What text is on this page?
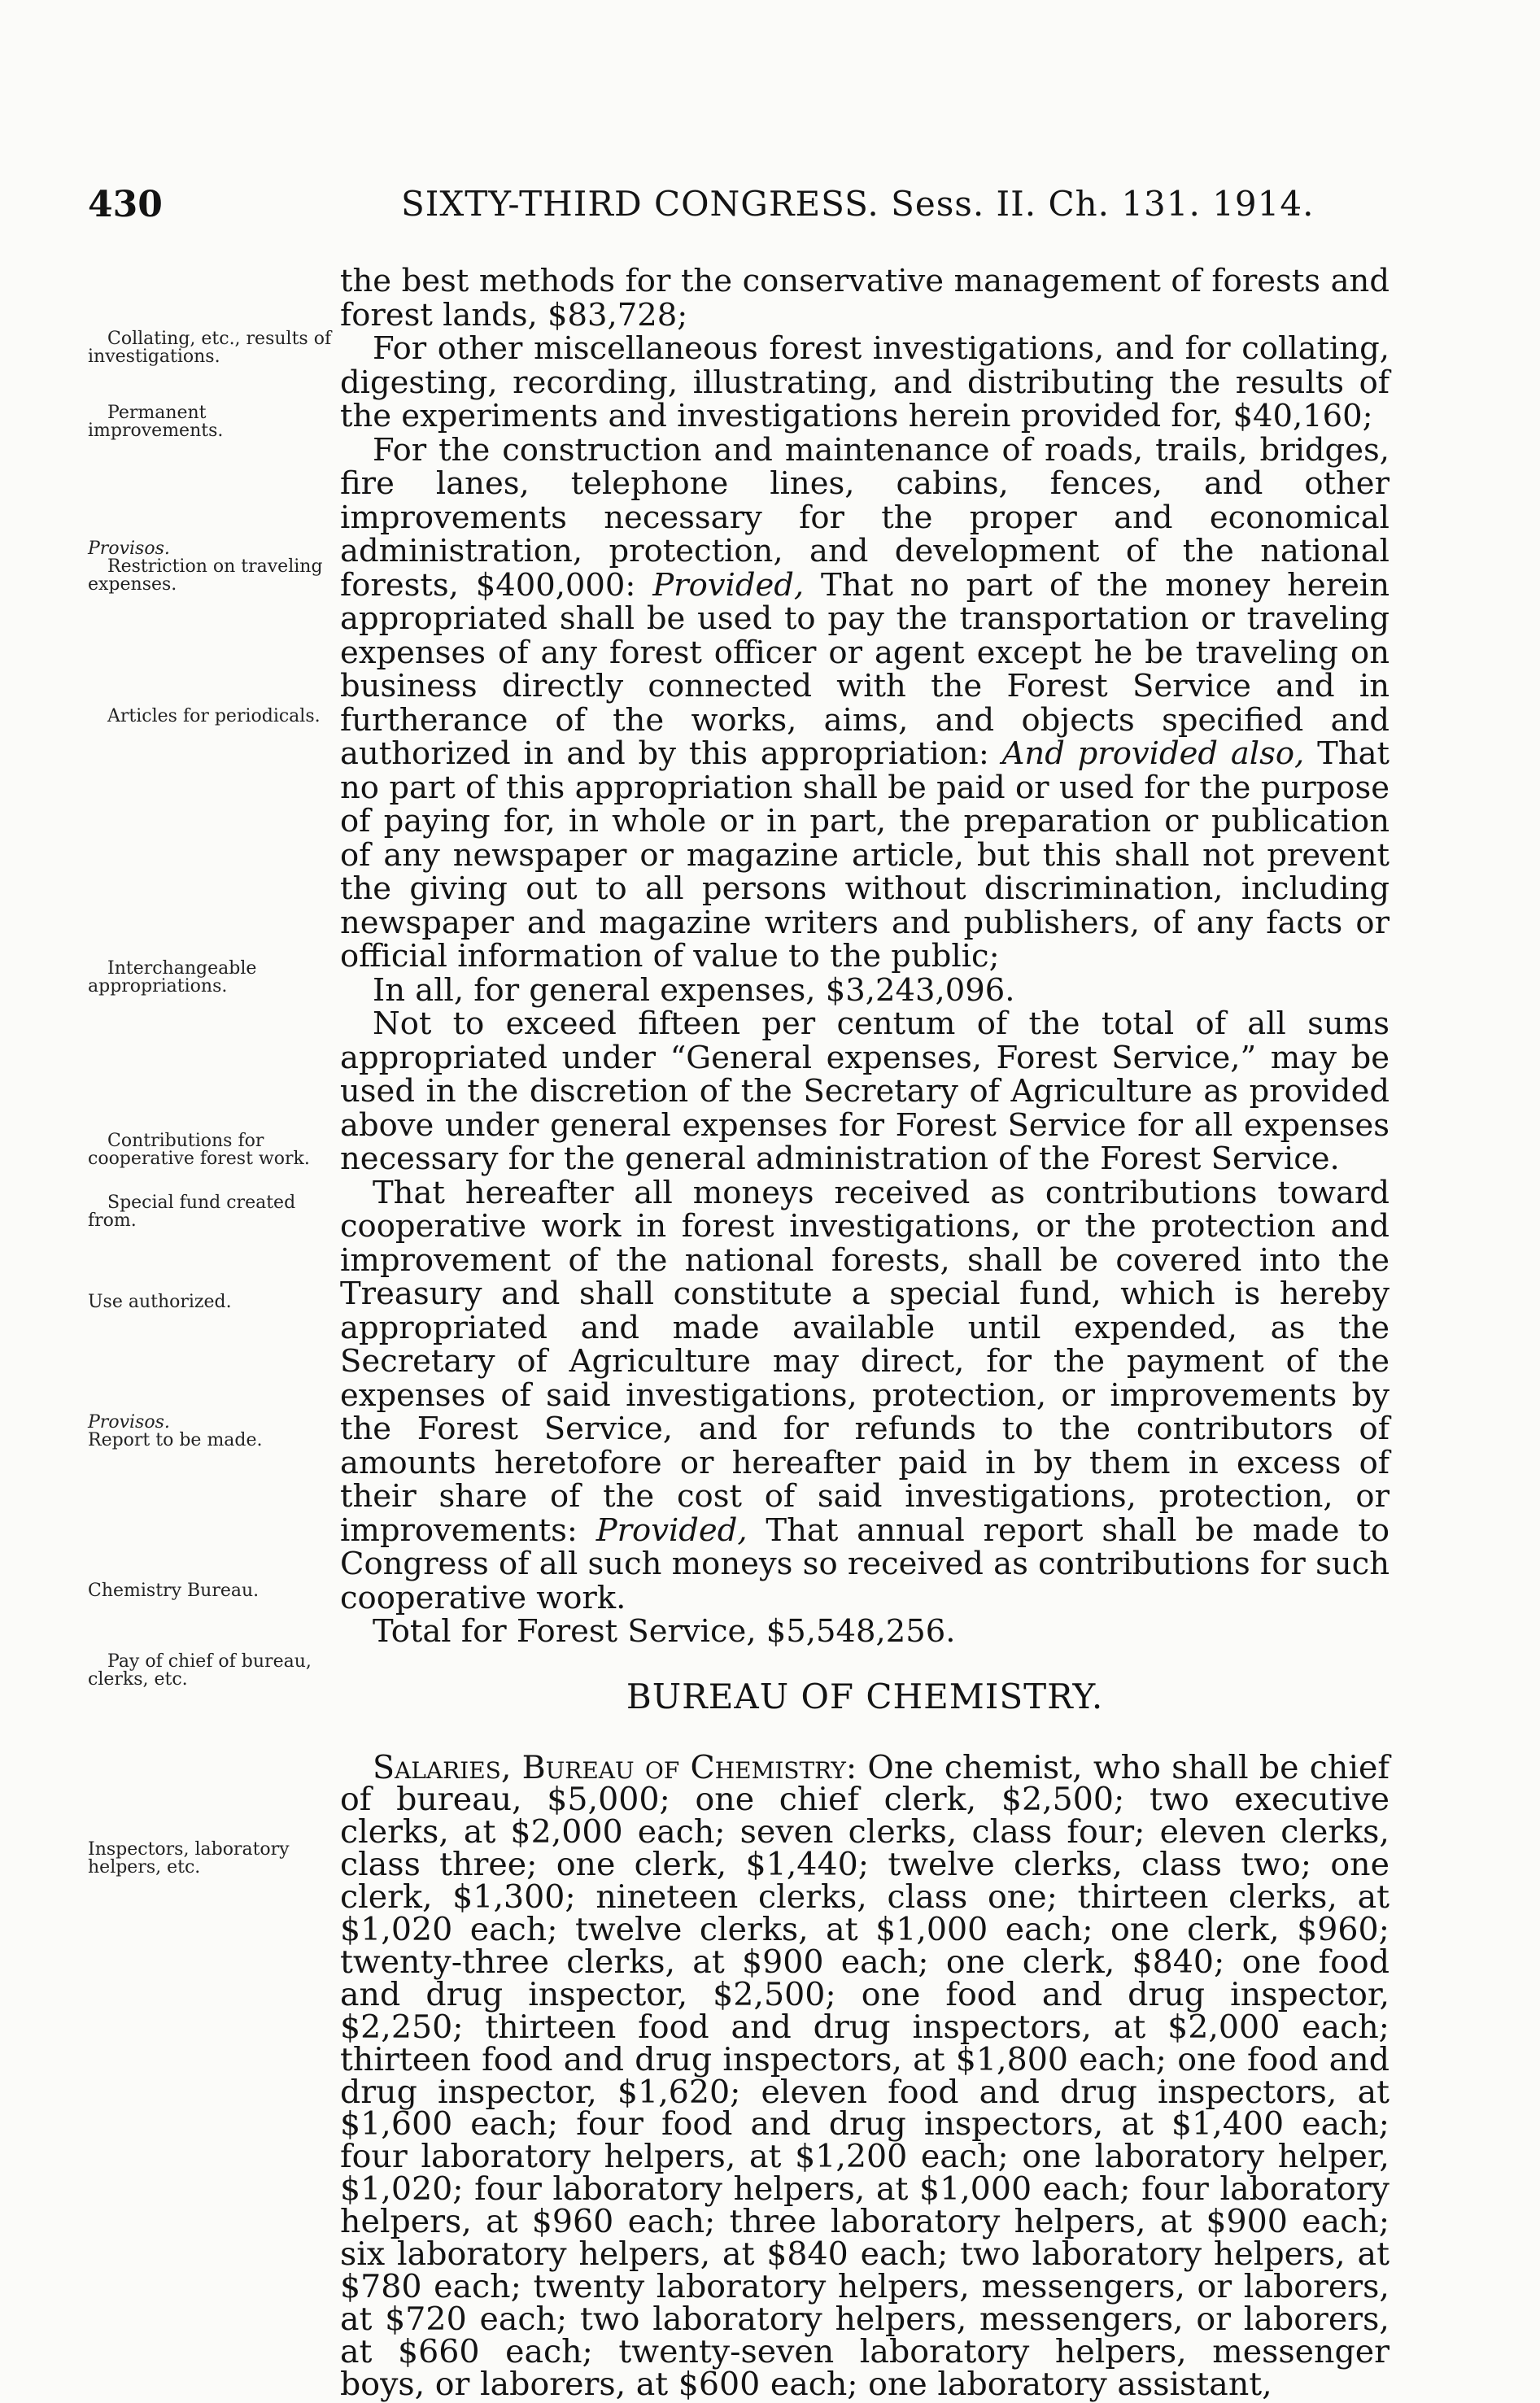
430	SIXTY-THIRD CONGRESS. Sess. II. Ch. 131. 1914.
Collating, etc., results of investigations.
Permanent improvements.
Provisos.
Restriction on traveling expenses.
Articles for periodicals.
Interchangeable appropriations.
Contributions for cooperative forest work.
Special fund created from.
Use authorized.
Provisos.
Report to be made.
Chemistry Bureau.
Pay of chief of bureau, clerks, etc.
Inspectors, laboratory helpers, etc.

the best methods for the conservative management of forests and forest lands, $83,728;

For other miscellaneous forest investigations, and for collating, digesting, recording, illustrating, and distributing the results of the experiments and investigations herein provided for, $40,160;

For the construction and maintenance of roads, trails, bridges, fire lanes, telephone lines, cabins, fences, and other improvements necessary for the proper and economical administration, protection, and development of the national forests, $400,000: Provided, That no part of the money herein appropriated shall be used to pay the transportation or traveling expenses of any forest officer or agent except he be traveling on business directly connected with the Forest Service and in furtherance of the works, aims, and objects specified and authorized in and by this appropriation: And provided also, That no part of this appropriation shall be paid or used for the purpose of paying for, in whole or in part, the preparation or publication of any newspaper or magazine article, but this shall not prevent the giving out to all persons without discrimination, including newspaper and magazine writers and publishers, of any facts or official information of value to the public;

In all, for general expenses, $3,243,096.

Not to exceed fifteen per centum of the total of all sums appropriated under “General expenses, Forest Service,” may be used in the discretion of the Secretary of Agriculture as provided above under general expenses for Forest Service for all expenses necessary for the general administration of the Forest Service.

That hereafter all moneys received as contributions toward cooperative work in forest investigations, or the protection and improvement of the national forests, shall be covered into the Treasury and shall constitute a special fund, which is hereby appropriated and made available until expended, as the Secretary of Agriculture may direct, for the payment of the expenses of said investigations, protection, or improvements by the Forest Service, and for refunds to the contributors of amounts heretofore or hereafter paid in by them in excess of their share of the cost of said investigations, protection, or improvements: Provided, That annual report shall be made to Congress of all such moneys so received as contributions for such cooperative work.

Total for Forest Service, $5,548,256.

BUREAU OF CHEMISTRY.

Salaries, Bureau of Chemistry: One chemist, who shall be chief of bureau, $5,000; one chief clerk, $2,500; two executive clerks, at $2,000 each; seven clerks, class four; eleven clerks, class three; one clerk, $1,440; twelve clerks, class two; one clerk, $1,300; nineteen clerks, class one; thirteen clerks, at $1,020 each; twelve clerks, at $1,000 each; one clerk, $960; twenty-three clerks, at $900 each; one clerk, $840; one food and drug inspector, $2,500; one food and drug inspector, $2,250; thirteen food and drug inspectors, at $2,000 each; thirteen food and drug inspectors, at $1,800 each; one food and drug inspector, $1,620; eleven food and drug inspectors, at $1,600 each; four food and drug inspectors, at $1,400 each; four laboratory helpers, at $1,200 each; one laboratory helper, $1,020; four laboratory helpers, at $1,000 each; four laboratory helpers, at $960 each; three laboratory helpers, at $900 each; six laboratory helpers, at $840 each; two laboratory helpers, at $780 each; twenty laboratory helpers, messengers, or laborers, at $720 each; two laboratory helpers, messengers, or laborers, at $660 each; twenty-seven laboratory helpers, messenger boys, or laborers, at $600 each; one laboratory assistant,
